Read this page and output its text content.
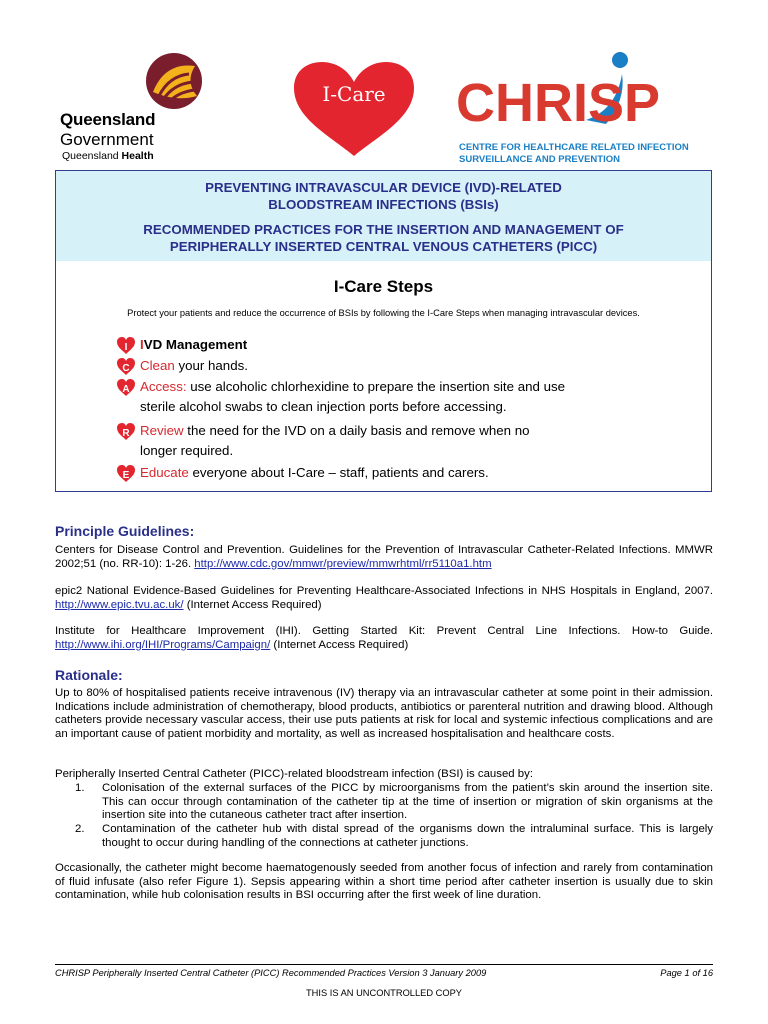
Queensland
Government
Queensland Health
I-Care	CHRISP
CENTRE FOR HEALTHCARE RELATED INFECTION
SURVEILLANCE AND PREVENTION
PREVENTING INTRAVASCULAR DEVICE (IVD)-RELATED
BLOODSTREAM INFECTIONS (BSIs)
RECOMMENDED PRACTICES FOR THE INSERTION AND MANAGEMENT OF
PERIPHERALLY INSERTED CENTRAL VENOUS CATHETERS (PICC)
I-Care Steps
Protect your patients and reduce the occurrence of BSIs by following the I-Care Steps when managing intravascular devices.
I IVD Management
C Clean your hands.
A Access: use alcoholic chlorhexidine to prepare the insertion site and use
sterile alcohol swabs to clean injection ports before accessing.
R Review the need for the IVD on a daily basis and remove when no
longer required.
E Educate everyone about I-Care – staff, patients and carers.
Principle Guidelines:
Centers for Disease Control and Prevention. Guidelines for the Prevention of Intravascular Catheter-Related Infections. MMWR 2002;51 (no. RR-10): 1-26. http://www.cdc.gov/mmwr/preview/mmwrhtml/rr5110a1.htm
epic2 National Evidence-Based Guidelines for Preventing Healthcare-Associated Infections in NHS Hospitals in England, 2007. http://www.epic.tvu.ac.uk/ (Internet Access Required)
Institute for Healthcare Improvement (IHI). Getting Started Kit: Prevent Central Line Infections. How-to Guide. http://www.ihi.org/IHI/Programs/Campaign/ (Internet Access Required)
Rationale:
Up to 80% of hospitalised patients receive intravenous (IV) therapy via an intravascular catheter at some point in their admission. Indications include administration of chemotherapy, blood products, antibiotics or parenteral nutrition and drawing blood. Although catheters provide necessary vascular access, their use puts patients at risk for local and systemic infectious complications and are an important cause of patient morbidity and mortality, as well as increased hospitalisation and healthcare costs.
Peripherally Inserted Central Catheter (PICC)-related bloodstream infection (BSI) is caused by:
1. Colonisation of the external surfaces of the PICC by microorganisms from the patient’s skin around the insertion site. This can occur through contamination of the catheter tip at the time of insertion or migration of skin organisms at the insertion site into the cutaneous catheter tract after insertion.
2. Contamination of the catheter hub with distal spread of the organisms down the intraluminal surface. This is largely thought to occur during handling of the connections at catheter junctions.
Occasionally, the catheter might become haematogenously seeded from another focus of infection and rarely from contamination of fluid infusate (also refer Figure 1). Sepsis appearing within a short time period after catheter insertion is usually due to skin contamination, while hub colonisation results in BSI occurring after the first week of line duration.
CHRISP Peripherally Inserted Central Catheter (PICC) Recommended Practices Version 3 January 2009	Page 1 of 16
THIS IS AN UNCONTROLLED COPY
